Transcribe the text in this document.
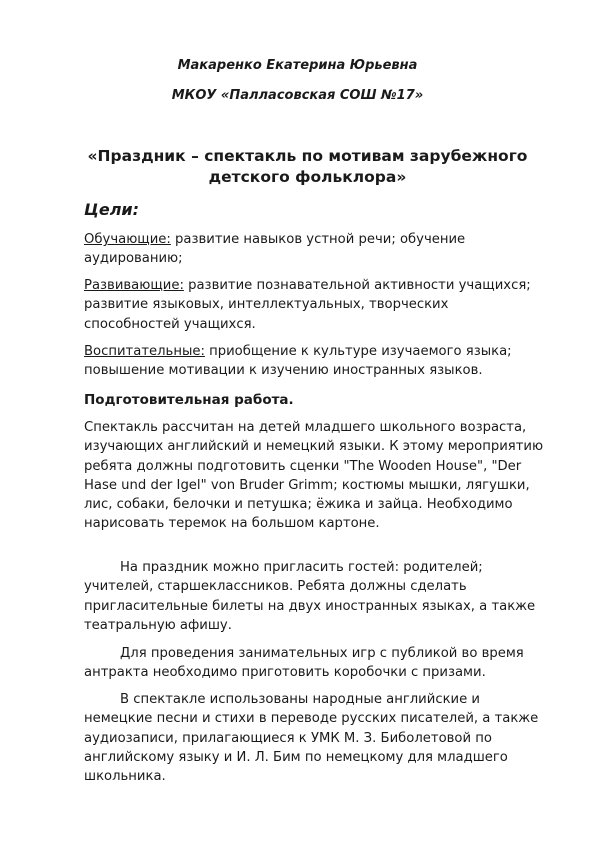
Макаренко Екатерина Юрьевна
МКОУ «Палласовская СОШ №17»
«Праздник – спектакль по мотивам зарубежного детского фольклора»
Цели:
Обучающие: развитие навыков устной речи; обучение аудированию;
Развивающие: развитие познавательной активности учащихся; развитие языковых, интеллектуальных, творческих способностей учащихся.
Воспитательные: приобщение к культуре изучаемого языка; повышение мотивации к изучению иностранных языков.
Подготовительная работа.
Спектакль рассчитан на детей младшего школьного возраста, изучающих английский и немецкий языки. К этому мероприятию ребята должны подготовить сценки "The Wooden House", "Der Hase und der Igel" von Bruder Grimm; костюмы мышки, лягушки, лис, собаки, белочки и петушка; ёжика и зайца. Необходимо нарисовать теремок на большом картоне.
На праздник можно пригласить гостей: родителей; учителей, старшеклассников. Ребята должны сделать пригласительные билеты на двух иностранных языках, а также театральную афишу.
Для проведения занимательных игр с публикой во время антракта необходимо приготовить коробочки с призами.
В спектакле использованы народные английские и немецкие песни и стихи в переводе русских писателей, а также аудиозаписи, прилагающиеся к УМК М. З. Биболетовой по английскому языку и И. Л. Бим по немецкому для младшего школьника.
